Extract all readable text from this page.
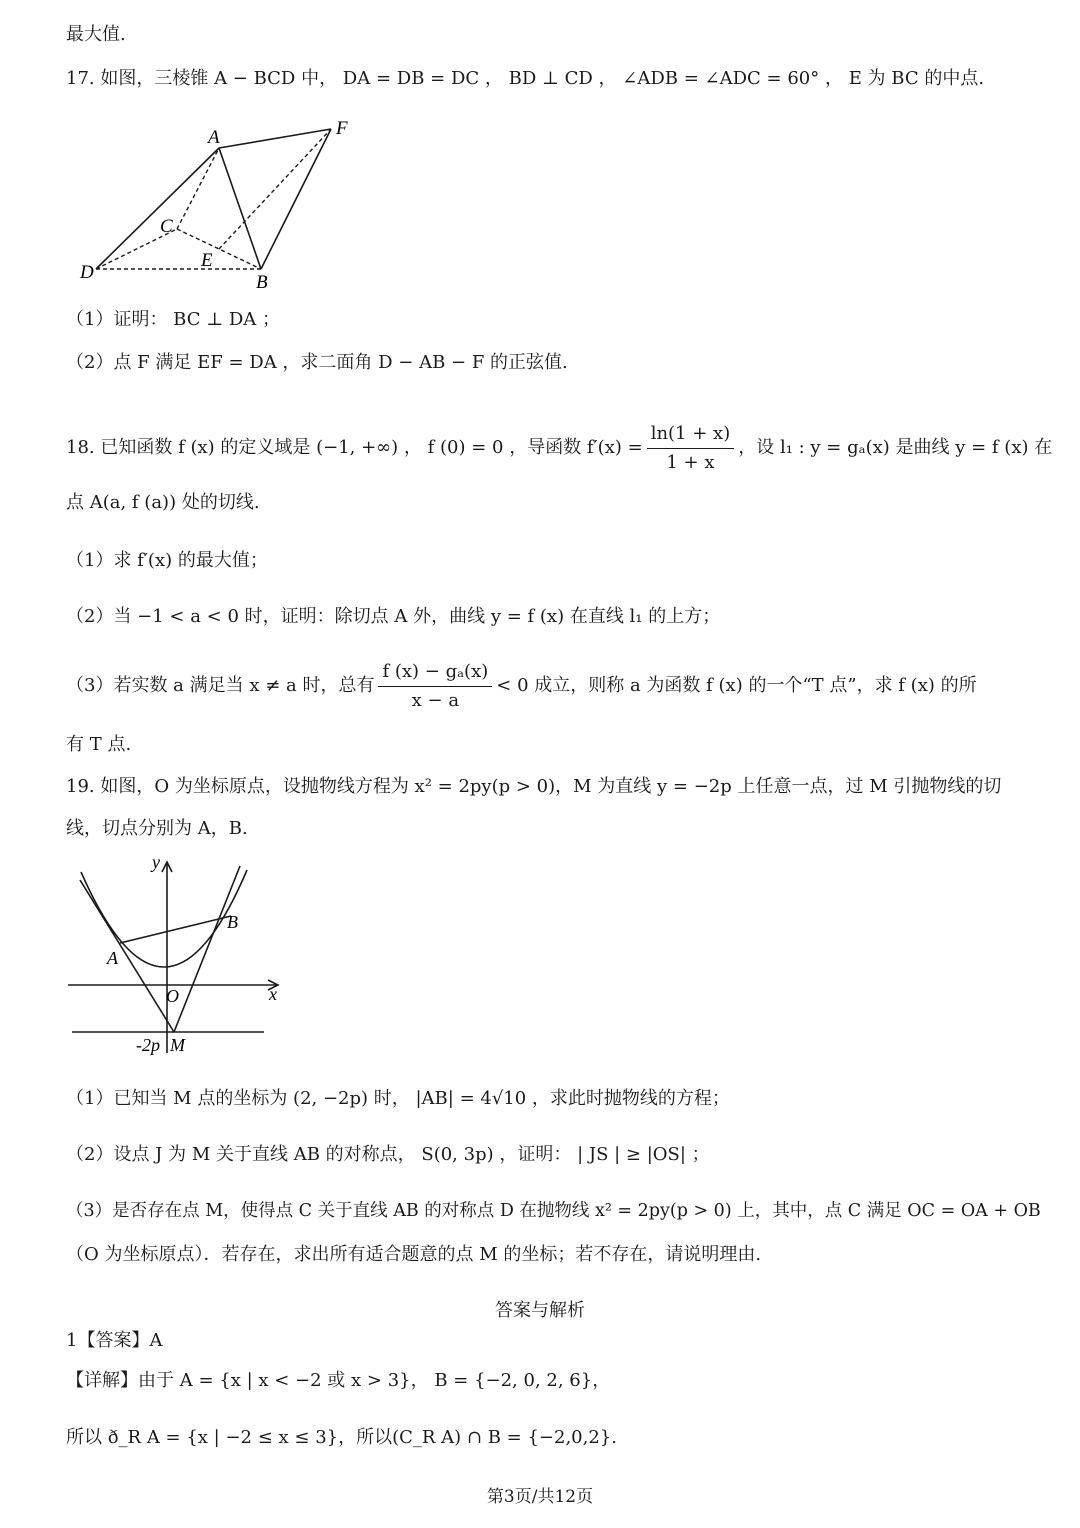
最大值.
17. 如图，三棱锥 A − BCD 中， DA = DB = DC ， BD ⊥ CD ， ∠ADB = ∠ADC = 60° ， E 为 BC 的中点.
A	F
C
E
D	B
（1）证明： BC ⊥ DA ；
（2）点 F 满足 EF = DA ，求二面角 D − AB − F 的正弦值.
18. 已知函数 f (x) 的定义域是 (−1, +∞) ， f (0) = 0 ，导函数 $f'(x) = \frac{\ln(1 + x)}{1 + x}$ ，设 l₁ : y = gₐ(x) 是曲线 y = f (x) 在
点 A(a, f (a)) 处的切线.
（1）求 f′(x) 的最大值；
（2）当 −1 < a < 0 时，证明：除切点 A 外，曲线 y = f (x) 在直线 l₁ 的上方；
（3）若实数 a 满足当 x ≠ a 时，总有 $\frac{\text{f (x) − gₐ(x)}}{x - a} < 0$ 成立，则称 a 为函数 f (x) 的一个“T 点”，求 f (x) 的所
有 T 点.
19. 如图，O 为坐标原点，设抛物线方程为 x² = 2py(p > 0)，M 为直线 y = −2p 上任意一点，过 M 引抛物线的切
线，切点分别为 A，B.
y
B
A
O	x
-2p M
（1）已知当 M 点的坐标为 (2, −2p) 时， |AB| = 4√10 ，求此时抛物线的方程；
（2）设点 J 为 M 关于直线 AB 的对称点， S(0, 3p) ，证明： | JS | ≥ |OS| ；
（3）是否存在点 M，使得点 C 关于直线 AB 的对称点 D 在抛物线 x² = 2py(p > 0) 上，其中，点 C 满足 OC = OA + OB
（O 为坐标原点）．若存在，求出所有适合题意的点 M 的坐标；若不存在，请说明理由.
答案与解析
1【答案】A
【详解】由于 A = {x | x < −2 或 x > 3}， B = {−2, 0, 2, 6}，
所以 ð_R A = {x | −2 ≤ x ≤ 3}，所以(C_R A) ∩ B = {−2,0,2}.
第3页/共12页
